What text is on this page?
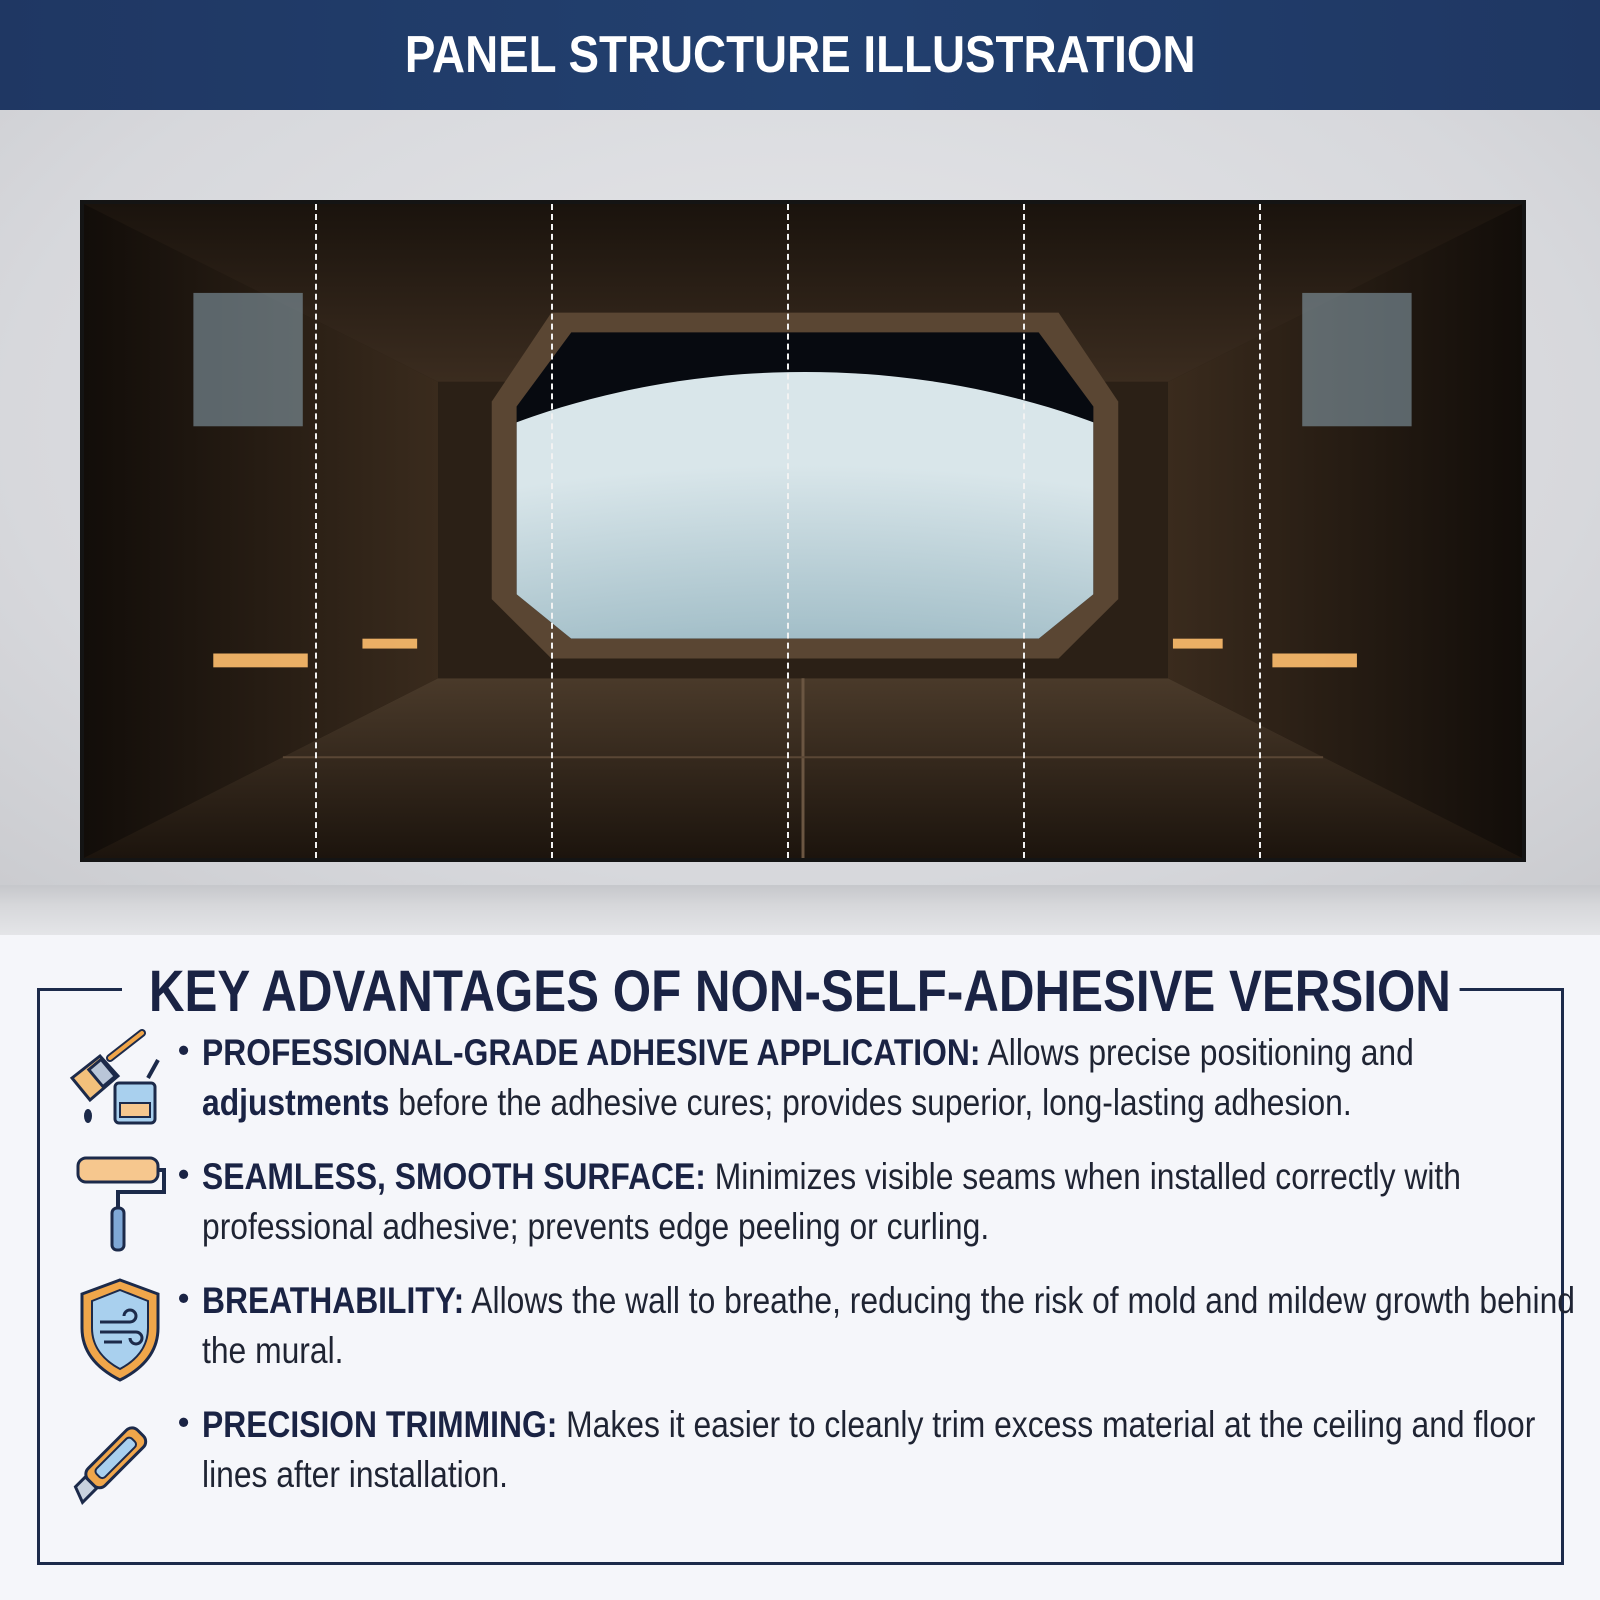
PANEL STRUCTURE ILLUSTRATION
KEY ADVANTAGES OF NON-SELF-ADHESIVE VERSION
• PROFESSIONAL-GRADE ADHESIVE APPLICATION: Allows precise positioning and adjustments before the adhesive cures; provides superior, long-lasting adhesion.
• SEAMLESS, SMOOTH SURFACE: Minimizes visible seams when installed correctly with professional adhesive; prevents edge peeling or curling.
• BREATHABILITY: Allows the wall to breathe, reducing the risk of mold and mildew growth behind the mural.
• PRECISION TRIMMING: Makes it easier to cleanly trim excess material at the ceiling and floor lines after installation.
